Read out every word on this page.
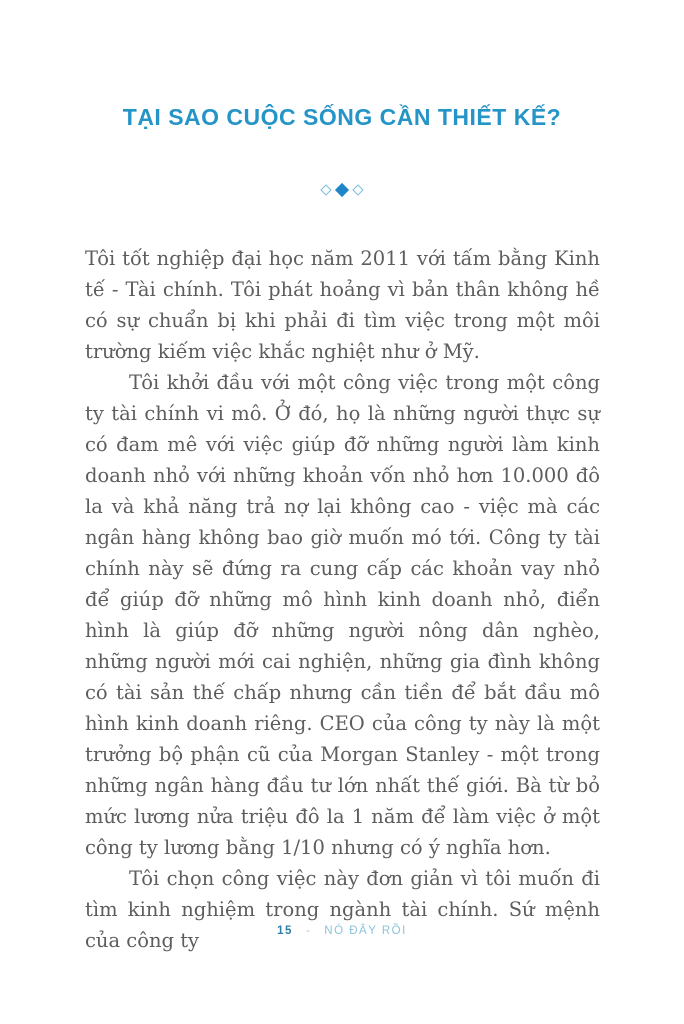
TẠI SAO CUỘC SỐNG CẦN THIẾT KẾ?

Tôi tốt nghiệp đại học năm 2011 với tấm bằng Kinh tế - Tài chính. Tôi phát hoảng vì bản thân không hề có sự chuẩn bị khi phải đi tìm việc trong một môi trường kiếm việc khắc nghiệt như ở Mỹ.

Tôi khởi đầu với một công việc trong một công ty tài chính vi mô. Ở đó, họ là những người thực sự có đam mê với việc giúp đỡ những người làm kinh doanh nhỏ với những khoản vốn nhỏ hơn 10.000 đô la và khả năng trả nợ lại không cao - việc mà các ngân hàng không bao giờ muốn mó tới. Công ty tài chính này sẽ đứng ra cung cấp các khoản vay nhỏ để giúp đỡ những mô hình kinh doanh nhỏ, điển hình là giúp đỡ những người nông dân nghèo, những người mới cai nghiện, những gia đình không có tài sản thế chấp nhưng cần tiền để bắt đầu mô hình kinh doanh riêng. CEO của công ty này là một trưởng bộ phận cũ của Morgan Stanley - một trong những ngân hàng đầu tư lớn nhất thế giới. Bà từ bỏ mức lương nửa triệu đô la 1 năm để làm việc ở một công ty lương bằng 1/10 nhưng có ý nghĩa hơn.

Tôi chọn công việc này đơn giản vì tôi muốn đi tìm kinh nghiệm trong ngành tài chính. Sứ mệnh của công ty	15 - NÓ ĐÂY RỒI
